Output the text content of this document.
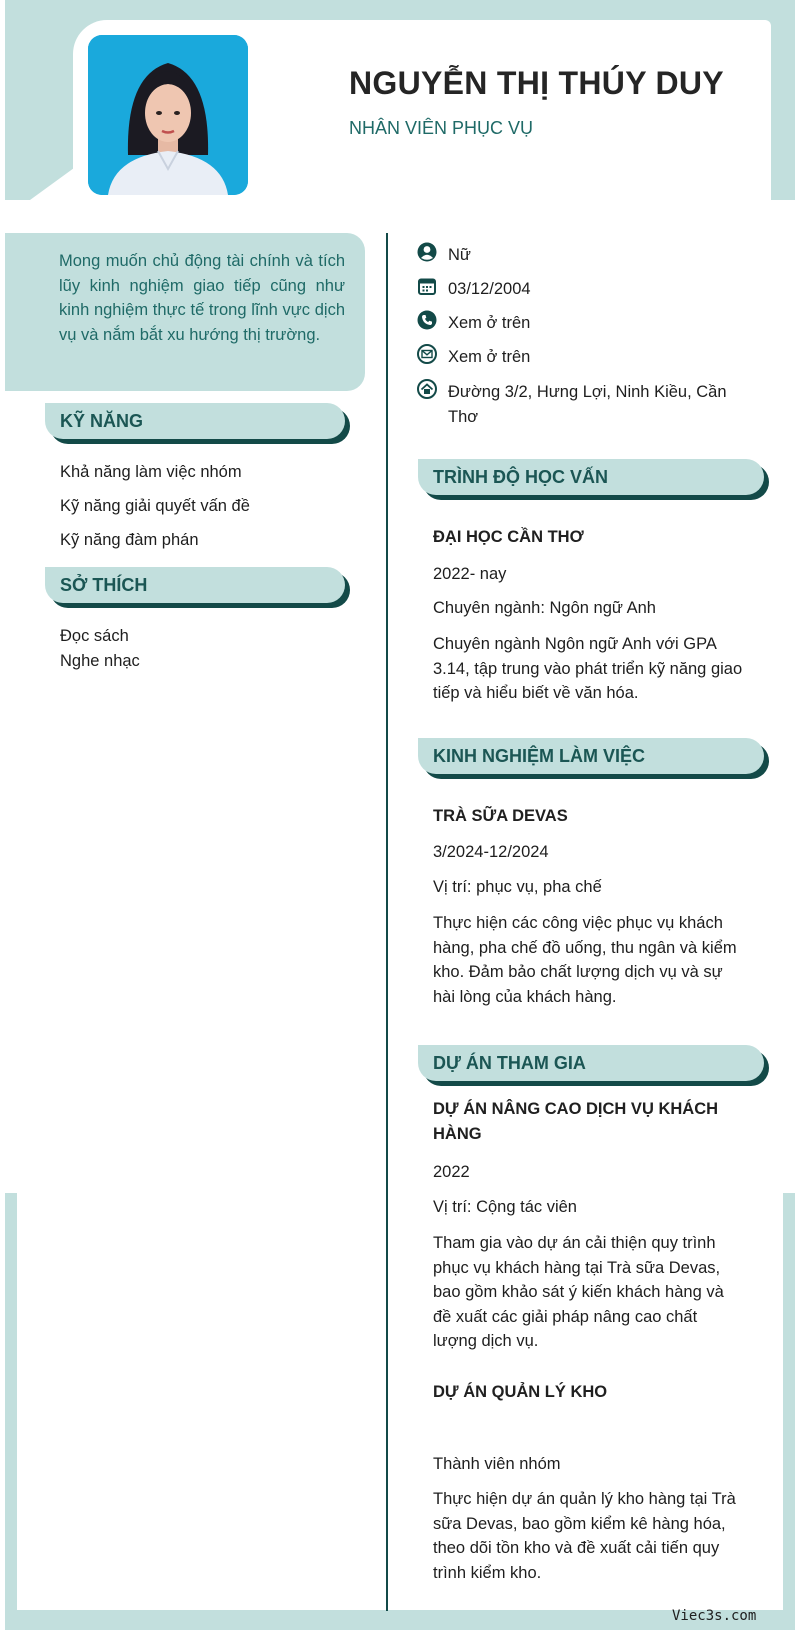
NGUYỄN THỊ THÚY DUY
NHÂN VIÊN PHỤC VỤ

Mong muốn chủ động tài chính và tích lũy kinh nghiệm giao tiếp cũng như kinh nghiệm thực tế trong lĩnh vực dịch vụ và nắm bắt xu hướng thị trường.

KỸ NĂNG
Khả năng làm việc nhóm
Kỹ năng giải quyết vấn đề
Kỹ năng đàm phán
SỞ THÍCH
Đọc sách
Nghe nhạc
Nữ
03/12/2004
Xem ở trên
Xem ở trên
Đường 3/2, Hưng Lợi, Ninh Kiều, Cần Thơ
TRÌNH ĐỘ HỌC VẤN
ĐẠI HỌC CẦN THƠ
2022- nay
Chuyên ngành: Ngôn ngữ Anh
Chuyên ngành Ngôn ngữ Anh với GPA 3.14, tập trung vào phát triển kỹ năng giao tiếp và hiểu biết về văn hóa.
KINH NGHIỆM LÀM VIỆC
TRÀ SỮA DEVAS
3/2024-12/2024
Vị trí: phục vụ, pha chế
Thực hiện các công việc phục vụ khách hàng, pha chế đồ uống, thu ngân và kiểm kho. Đảm bảo chất lượng dịch vụ và sự hài lòng của khách hàng.
DỰ ÁN THAM GIA
DỰ ÁN NÂNG CAO DỊCH VỤ KHÁCH HÀNG
2022
Vị trí: Cộng tác viên
Tham gia vào dự án cải thiện quy trình phục vụ khách hàng tại Trà sữa Devas, bao gồm khảo sát ý kiến khách hàng và đề xuất các giải pháp nâng cao chất lượng dịch vụ.
DỰ ÁN QUẢN LÝ KHO
Thành viên nhóm
Thực hiện dự án quản lý kho hàng tại Trà sữa Devas, bao gồm kiểm kê hàng hóa, theo dõi tồn kho và đề xuất cải tiến quy trình kiểm kho.
Viec3s.com
